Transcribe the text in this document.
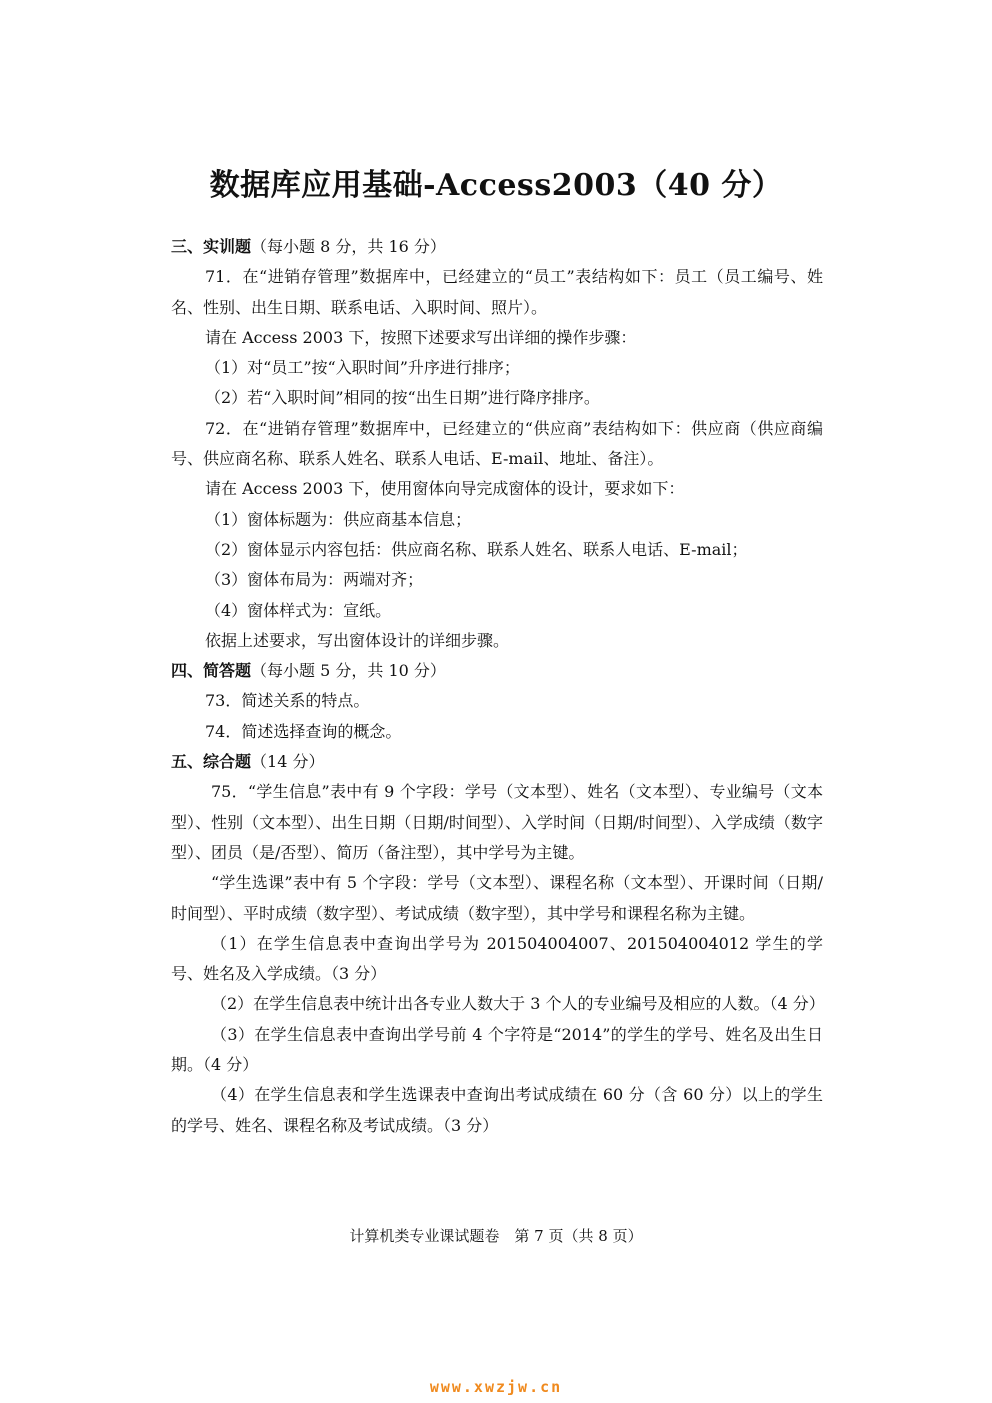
数据库应用基础-Access2003（40 分）

三、实训题（每小题 8 分，共 16 分）

71．在“进销存管理”数据库中，已经建立的“员工”表结构如下：员工（员工编号、姓名、性别、出生日期、联系电话、入职时间、照片）。

请在 Access 2003 下，按照下述要求写出详细的操作步骤：

（1）对“员工”按“入职时间”升序进行排序；

（2）若“入职时间”相同的按“出生日期”进行降序排序。

72．在“进销存管理”数据库中，已经建立的“供应商”表结构如下：供应商（供应商编号、供应商名称、联系人姓名、联系人电话、E-mail、地址、备注）。

请在 Access 2003 下，使用窗体向导完成窗体的设计，要求如下：

（1）窗体标题为：供应商基本信息；

（2）窗体显示内容包括：供应商名称、联系人姓名、联系人电话、E-mail；

（3）窗体布局为：两端对齐；

（4）窗体样式为：宣纸。

依据上述要求，写出窗体设计的详细步骤。

四、简答题（每小题 5 分，共 10 分）

73．简述关系的特点。

74．简述选择查询的概念。

五、综合题（14 分）

75．“学生信息”表中有 9 个字段：学号（文本型）、姓名（文本型）、专业编号（文本型）、性别（文本型）、出生日期（日期/时间型）、入学时间（日期/时间型）、入学成绩（数字型）、团员（是/否型）、简历（备注型），其中学号为主键。

“学生选课”表中有 5 个字段：学号（文本型）、课程名称（文本型）、开课时间（日期/时间型）、平时成绩（数字型）、考试成绩（数字型），其中学号和课程名称为主键。

（1）在学生信息表中查询出学号为 201504004007、201504004012 学生的学号、姓名及入学成绩。（3 分）

（2）在学生信息表中统计出各专业人数大于 3 个人的专业编号及相应的人数。（4 分）

（3）在学生信息表中查询出学号前 4 个字符是“2014”的学生的学号、姓名及出生日期。（4 分）

（4）在学生信息表和学生选课表中查询出考试成绩在 60 分（含 60 分）以上的学生的学号、姓名、课程名称及考试成绩。（3 分）

计算机类专业课试题卷　第 7 页（共 8 页）
www.xwzjw.cn
